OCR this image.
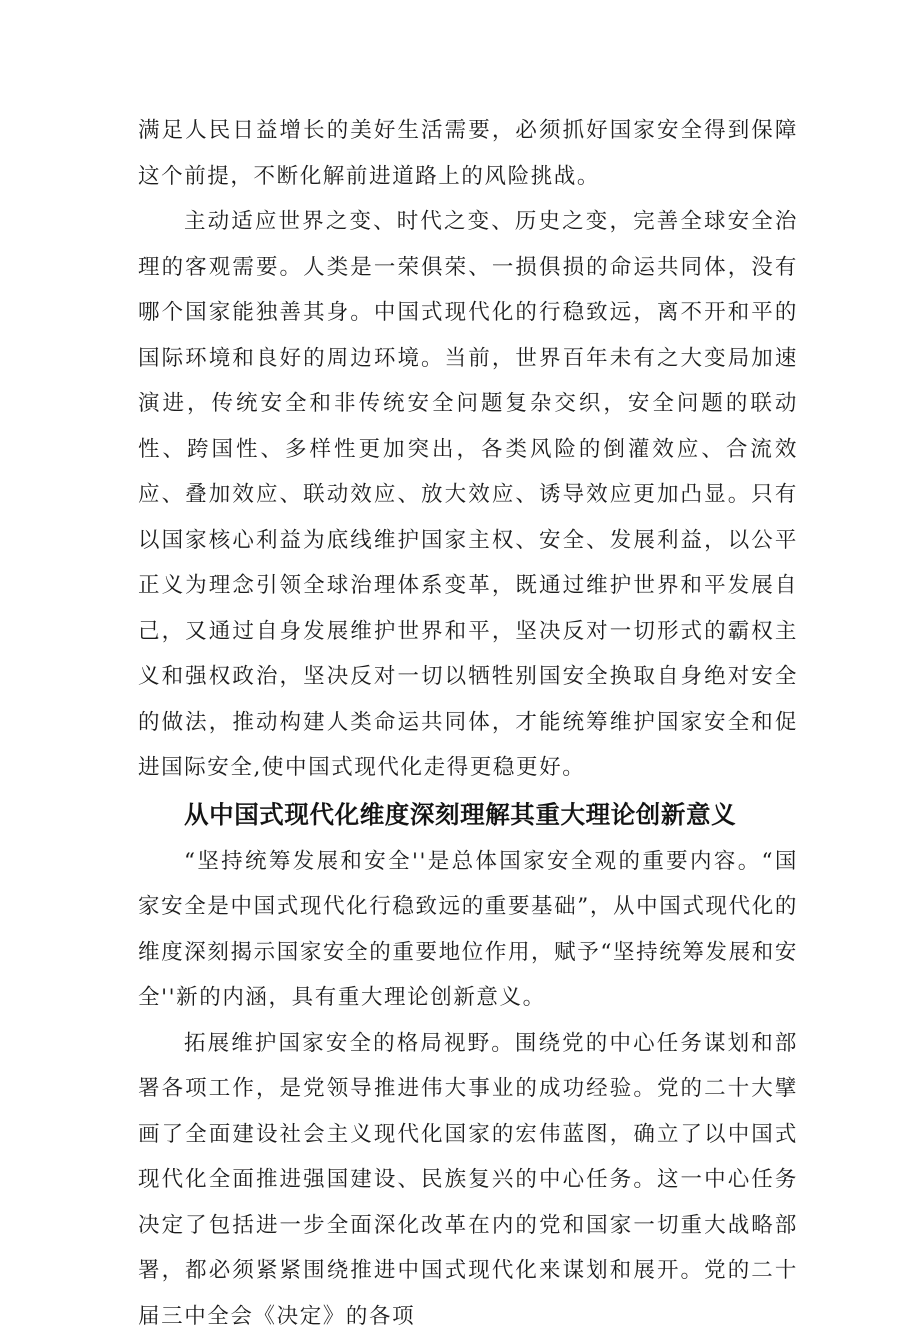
满足人民日益增长的美好生活需要，必须抓好国家安全得到保障这个前提，不断化解前进道路上的风险挑战。

主动适应世界之变、时代之变、历史之变，完善全球安全治理的客观需要。人类是一荣俱荣、一损俱损的命运共同体，没有哪个国家能独善其身。中国式现代化的行稳致远，离不开和平的国际环境和良好的周边环境。当前，世界百年未有之大变局加速演进，传统安全和非传统安全问题复杂交织，安全问题的联动性、跨国性、多样性更加突出，各类风险的倒灌效应、合流效应、叠加效应、联动效应、放大效应、诱导效应更加凸显。只有以国家核心利益为底线维护国家主权、安全、发展利益，以公平正义为理念引领全球治理体系变革，既通过维护世界和平发展自己，又通过自身发展维护世界和平，坚决反对一切形式的霸权主义和强权政治，坚决反对一切以牺牲别国安全换取自身绝对安全的做法，推动构建人类命运共同体，才能统筹维护国家安全和促进国际安全,使中国式现代化走得更稳更好。

从中国式现代化维度深刻理解其重大理论创新意义

“坚持统筹发展和安全''是总体国家安全观的重要内容。“国家安全是中国式现代化行稳致远的重要基础”，从中国式现代化的维度深刻揭示国家安全的重要地位作用，赋予“坚持统筹发展和安全''新的内涵，具有重大理论创新意义。

拓展维护国家安全的格局视野。围绕党的中心任务谋划和部署各项工作，是党领导推进伟大事业的成功经验。党的二十大擘画了全面建设社会主义现代化国家的宏伟蓝图，确立了以中国式现代化全面推进强国建设、民族复兴的中心任务。这一中心任务决定了包括进一步全面深化改革在内的党和国家一切重大战略部署，都必须紧紧围绕推进中国式现代化来谋划和展开。党的二十届三中全会《决定》的各项
